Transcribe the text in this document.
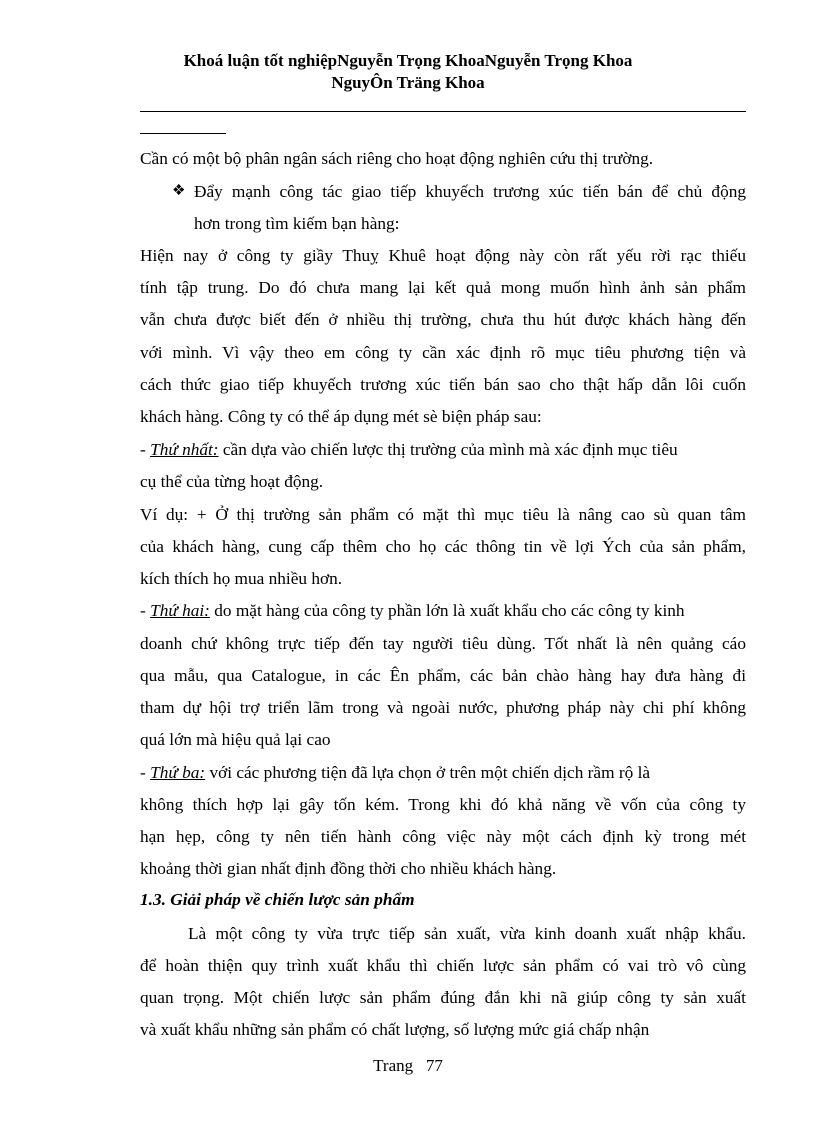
Khoá luận tốt nghiệpNguyễn Trọng KhoaNguyễn Trọng Khoa
NguyÔn Träng Khoa
Cần có một bộ phân ngân sách riêng cho hoạt động nghiên cứu thị trường.
❖ Đẩy mạnh công tác giao tiếp khuyếch trương xúc tiến bán để chủ động
hơn trong tìm kiếm bạn hàng:
Hiện nay ở công ty giầy Thuỵ Khuê hoạt động này còn rất yếu rời rạc thiếu
tính tập trung. Do đó chưa mang lại kết quả mong muốn hình ảnh sản phẩm
vẫn chưa được biết đến ở nhiều thị trường, chưa thu hút được khách hàng đến
với mình. Vì vậy theo em công ty cần xác định rõ mục tiêu phương tiện và
cách thức giao tiếp khuyếch trương xúc tiến bán sao cho thật hấp dẫn lôi cuốn
khách hàng. Công ty có thể áp dụng mét sè biện pháp sau:
- Thứ nhất: cần dựa vào chiến lược thị trường của mình mà xác định mục tiêu
cụ thể của từng hoạt động.
Ví dụ: + Ở thị trường sản phẩm có mặt thì mục tiêu là nâng cao sù quan tâm
của khách hàng, cung cấp thêm cho họ các thông tin về lợi Ých của sản phẩm,
kích thích họ mua nhiều hơn.
- Thứ hai: do mặt hàng của công ty phần lớn là xuất khẩu cho các công ty kinh
doanh chứ không trực tiếp đến tay người tiêu dùng. Tốt nhất là nên quảng cáo
qua mẫu, qua Catalogue, in các Ên phẩm, các bản chào hàng hay đưa hàng đi
tham dự hội trợ triển lãm trong và ngoài nước, phương pháp này chi phí không
quá lớn mà hiệu quả lại cao
- Thứ ba: với các phương tiện đã lựa chọn ở trên một chiến dịch rầm rộ là
không thích hợp lại gây tốn kém. Trong khi đó khả năng về vốn của công ty
hạn hẹp, công ty nên tiến hành công việc này một cách định kỳ trong mét
khoảng thời gian nhất định đồng thời cho nhiều khách hàng.
1.3. Giải pháp về chiến lược sản phẩm
Là một công ty vừa trực tiếp sản xuất, vừa kinh doanh xuất nhập khẩu.
để hoàn thiện quy trình xuất khẩu thì chiến lược sản phẩm có vai trò vô cùng
quan trọng. Một chiến lược sản phẩm đúng đắn khi nã giúp công ty sản xuất
và xuất khẩu những sản phẩm có chất lượng, số lượng mức giá chấp nhận
Trang   77
